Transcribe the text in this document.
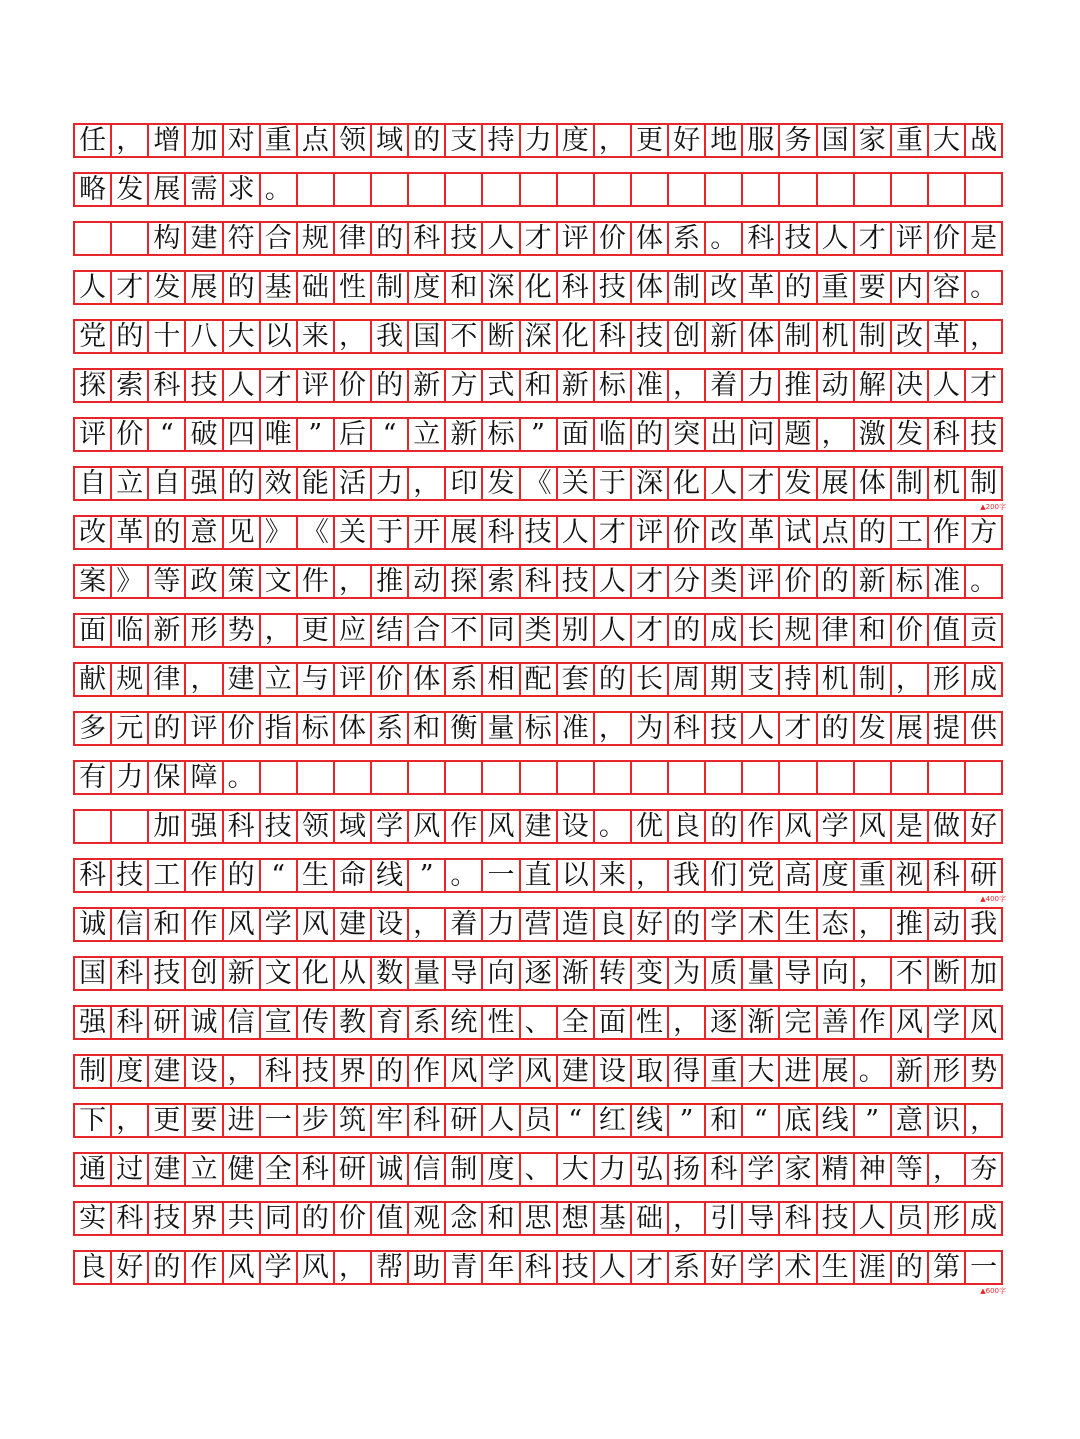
任 ， 增 加 对 重 点 领 域 的 支 持 力 度 ， 更 好 地 服 务 国 家 重 大 战
略 发 展 需 求 。
构 建 符 合 规 律 的 科 技 人 才 评 价 体 系 。 科 技 人 才 评 价 是
人 才 发 展 的 基 础 性 制 度 和 深 化 科 技 体 制 改 革 的 重 要 内 容 。
党 的 十 八 大 以 来 ， 我 国 不 断 深 化 科 技 创 新 体 制 机 制 改 革 ，
探 索 科 技 人 才 评 价 的 新 方 式 和 新 标 准 ， 着 力 推 动 解 决 人 才
评 价 “ 破 四 唯 ” 后 “ 立 新 标 ” 面 临 的 突 出 问 题 ， 激 发 科 技
自 立 自 强 的 效 能 活 力 ， 印 发 《 关 于 深 化 人 才 发 展 体 制 机 制
▲200字
改 革 的 意 见 》 《 关 于 开 展 科 技 人 才 评 价 改 革 试 点 的 工 作 方
案 》 等 政 策 文 件 ， 推 动 探 索 科 技 人 才 分 类 评 价 的 新 标 准 。
面 临 新 形 势 ， 更 应 结 合 不 同 类 别 人 才 的 成 长 规 律 和 价 值 贡
献 规 律 ， 建 立 与 评 价 体 系 相 配 套 的 长 周 期 支 持 机 制 ， 形 成
多 元 的 评 价 指 标 体 系 和 衡 量 标 准 ， 为 科 技 人 才 的 发 展 提 供
有 力 保 障 。
加 强 科 技 领 域 学 风 作 风 建 设 。 优 良 的 作 风 学 风 是 做 好
科 技 工 作 的 “ 生 命 线 ” 。 一 直 以 来 ， 我 们 党 高 度 重 视 科 研
▲400字
诚 信 和 作 风 学 风 建 设 ， 着 力 营 造 良 好 的 学 术 生 态 ， 推 动 我
国 科 技 创 新 文 化 从 数 量 导 向 逐 渐 转 变 为 质 量 导 向 ， 不 断 加
强 科 研 诚 信 宣 传 教 育 系 统 性 、 全 面 性 ， 逐 渐 完 善 作 风 学 风
制 度 建 设 ， 科 技 界 的 作 风 学 风 建 设 取 得 重 大 进 展 。 新 形 势
下 ， 更 要 进 一 步 筑 牢 科 研 人 员 “ 红 线 ” 和 “ 底 线 ” 意 识 ，
通 过 建 立 健 全 科 研 诚 信 制 度 、 大 力 弘 扬 科 学 家 精 神 等 ， 夯
实 科 技 界 共 同 的 价 值 观 念 和 思 想 基 础 ， 引 导 科 技 人 员 形 成
良 好 的 作 风 学 风 ， 帮 助 青 年 科 技 人 才 系 好 学 术 生 涯 的 第 一
▲600字
